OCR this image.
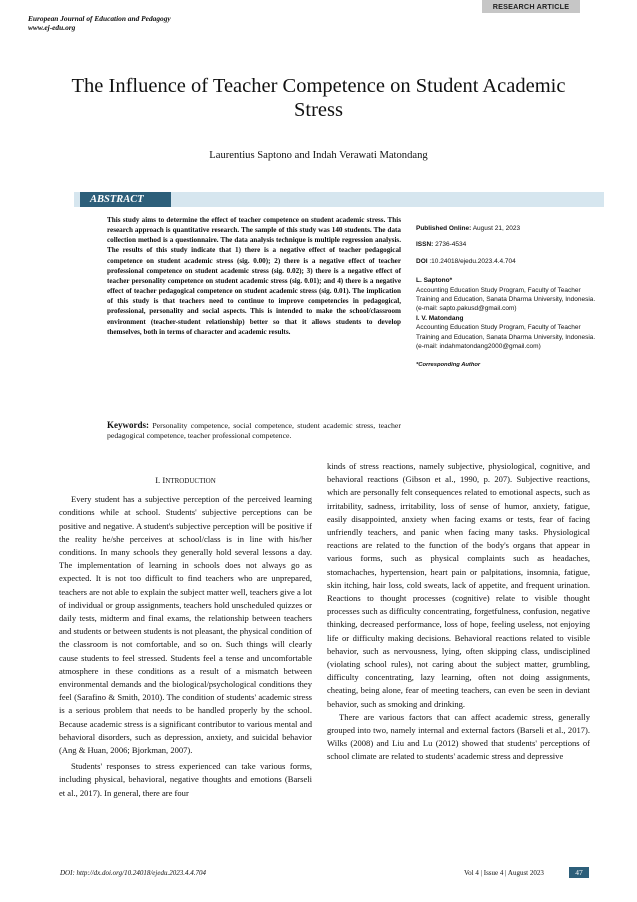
European Journal of Education and Pedagogy
www.ej-edu.org
RESEARCH ARTICLE
The Influence of Teacher Competence on Student Academic Stress
Laurentius Saptono and Indah Verawati Matondang
ABSTRACT
This study aims to determine the effect of teacher competence on student academic stress. This research approach is quantitative research. The sample of this study was 140 students. The data collection method is a questionnaire. The data analysis technique is multiple regression analysis. The results of this study indicate that 1) there is a negative effect of teacher pedagogical competence on student academic stress (sig. 0.00); 2) there is a negative effect of teacher professional competence on student academic stress (sig. 0.02); 3) there is a negative effect of teacher personality competence on student academic stress (sig. 0.01); and 4) there is a negative effect of teacher pedagogical competence on student academic stress (sig. 0.01). The implication of this study is that teachers need to continue to improve competencies in pedagogical, professional, personality and social aspects. This is intended to make the school/classroom environment (teacher-student relationship) better so that it allows students to develop themselves, both in terms of character and academic results.
Published Online: August 21, 2023
ISSN: 2736-4534
DOI :10.24018/ejedu.2023.4.4.704
L. Saptono*
Accounting Education Study Program, Faculty of Teacher Training and Education, Sanata Dharma University, Indonesia.
(e-mail: sapto.pakusd@gmail.com)
I. V. Matondang
Accounting Education Study Program, Faculty of Teacher Training and Education, Sanata Dharma University, Indonesia.
(e-mail: indahmatondang2000@gmail.com)
*Corresponding Author
Keywords: Personality competence, social competence, student academic stress, teacher pedagogical competence, teacher professional competence.

I. INTRODUCTION

Every student has a subjective perception of the perceived learning conditions while at school. Students' subjective perceptions can be positive and negative. A student's subjective perception will be positive if the reality he/she perceives at school/class is in line with his/her conditions. In many schools they generally hold several lessons a day. The implementation of learning in schools does not always go as expected. It is not too difficult to find teachers who are unprepared, teachers are not able to explain the subject matter well, teachers give a lot of individual or group assignments, teachers hold unscheduled quizzes or daily tests, midterm and final exams, the relationship between teachers and students or between students is not pleasant, the physical condition of the classroom is not comfortable, and so on. Such things will clearly cause students to feel stressed. Students feel a tense and uncomfortable atmosphere in these conditions as a result of a mismatch between environmental demands and the biological/psychological conditions they feel (Sarafino & Smith, 2010). The condition of students' academic stress is a serious problem that needs to be handled properly by the school. Because academic stress is a significant contributor to various mental and behavioral disorders, such as depression, anxiety, and suicidal behavior (Ang & Huan, 2006; Bjorkman, 2007).

Students' responses to stress experienced can take various forms, including physical, behavioral, negative thoughts and emotions (Barseli et al., 2017). In general, there are four

kinds of stress reactions, namely subjective, physiological, cognitive, and behavioral reactions (Gibson et al., 1990, p. 207). Subjective reactions, which are personally felt consequences related to emotional aspects, such as irritability, sadness, irritability, loss of sense of humor, anxiety, fatigue, easily disappointed, anxiety when facing exams or tests, fear of facing unfriendly teachers, and panic when facing many tasks. Physiological reactions are related to the function of the body's organs that appear in various forms, such as physical complaints such as headaches, stomachaches, hypertension, heart pain or palpitations, insomnia, fatigue, skin itching, hair loss, cold sweats, lack of appetite, and frequent urination. Reactions to thought processes (cognitive) relate to visible thought processes such as difficulty concentrating, forgetfulness, confusion, negative thinking, decreased performance, loss of hope, feeling useless, not enjoying life or difficulty making decisions. Behavioral reactions related to visible behavior, such as nervousness, lying, often skipping class, undisciplined (violating school rules), not caring about the subject matter, grumbling, difficulty concentrating, lazy learning, often not doing assignments, cheating, being alone, fear of meeting teachers, can even be seen in deviant behavior, such as smoking and drinking.

There are various factors that can affect academic stress, generally grouped into two, namely internal and external factors (Barseli et al., 2017). Wilks (2008) and Liu and Lu (2012) showed that students' perceptions of school climate are related to students' academic stress and depressive

DOI: http://dx.doi.org/10.24018/ejedu.2023.4.4.704	Vol 4 | Issue 4 | August 2023	47
